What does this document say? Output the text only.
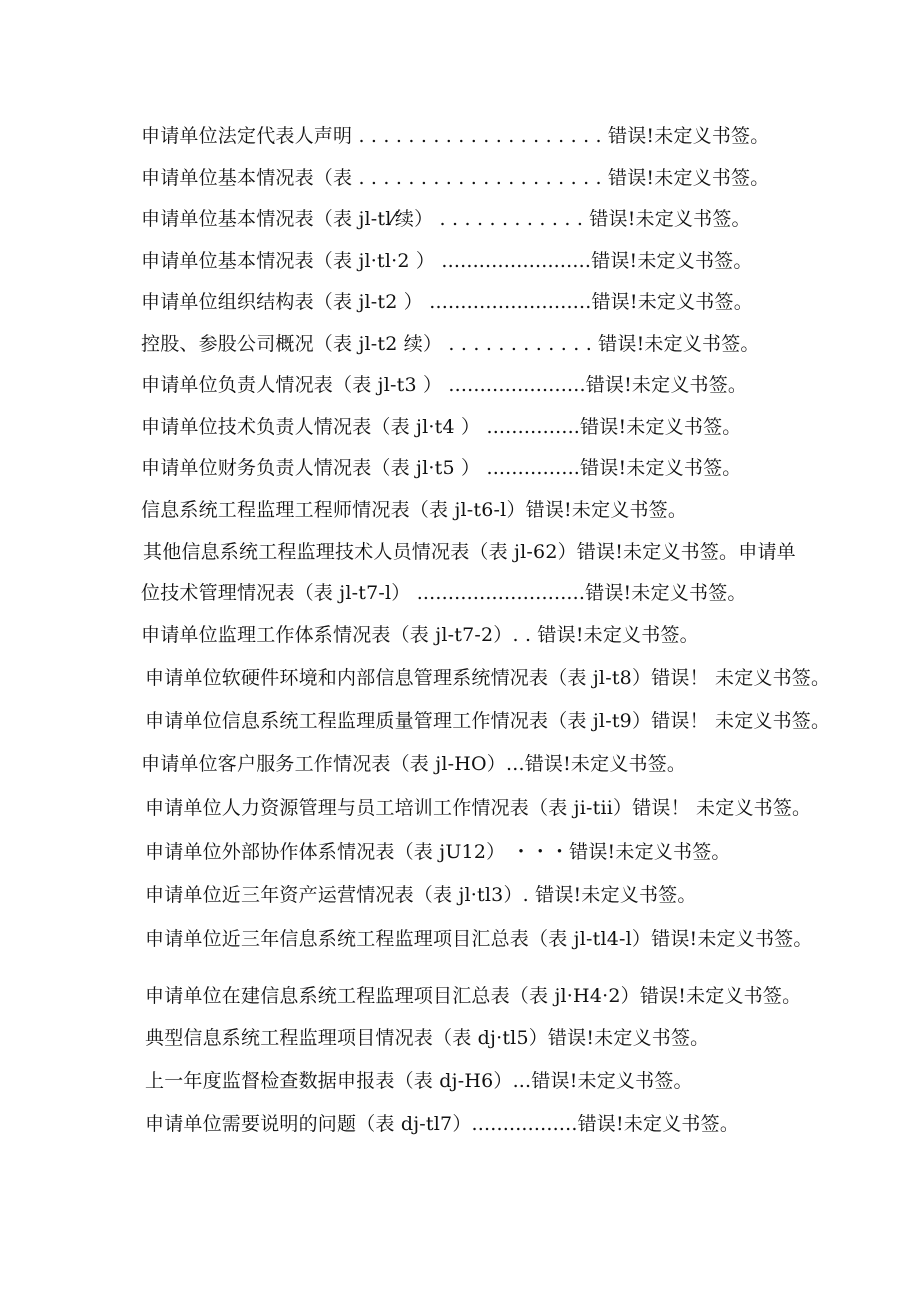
申请单位法定代表人声明 . . . . . . . . . . . . . . . . . . . . 错误!未定义书签。
申请单位基本情况表（表 . . . . . . . . . . . . . . . . . . . . 错误!未定义书签。
申请单位基本情况表（表 jl-tl⁄续） . . . . . . . . . . . . 错误!未定义书签。
申请单位基本情况表（表 jl·tl·2 ） ........................错误!未定义书签。
申请单位组织结构表（表 jl-t2 ） ..........................错误!未定义书签。
控股、参股公司概况（表 jl-t2 续） . . . . . . . . . . . . 错误!未定义书签。
申请单位负责人情况表（表 jl-t3 ） ......................错误!未定义书签。
申请单位技术负责人情况表（表 jl·t4 ） ...............错误!未定义书签。
申请单位财务负责人情况表（表 jl·t5 ） ...............错误!未定义书签。
信息系统工程监理工程师情况表（表 jl-t6-l）错误!未定义书签。
其他信息系统工程监理技术人员情况表（表 jl-62）错误!未定义书签。申请单
位技术管理情况表（表 jl-t7-l） ...........................错误!未定义书签。
申请单位监理工作体系情况表（表 jl-t7-2）. . 错误!未定义书签。
申请单位软硬件环境和内部信息管理系统情况表（表 jl-t8）错误！ 未定义书签。
申请单位信息系统工程监理质量管理工作情况表（表 jl-t9）错误！ 未定义书签。
申请单位客户服务工作情况表（表 jl-HO）...错误!未定义书签。
申请单位人力资源管理与员工培训工作情况表（表 ji-tii）错误！ 未定义书签。
申请单位外部协作体系情况表（表 jU12） ・・・错误!未定义书签。
申请单位近三年资产运营情况表（表 jl·tl3）. 错误!未定义书签。
申请单位近三年信息系统工程监理项目汇总表（表 jl-tl4-l）错误!未定义书签。
申请单位在建信息系统工程监理项目汇总表（表 jl·H4·2）错误!未定义书签。
典型信息系统工程监理项目情况表（表 dj·tl5）错误!未定义书签。
上一年度监督检查数据申报表（表 dj-H6）...错误!未定义书签。
申请单位需要说明的问题（表 dj-tl7）.................错误!未定义书签。
